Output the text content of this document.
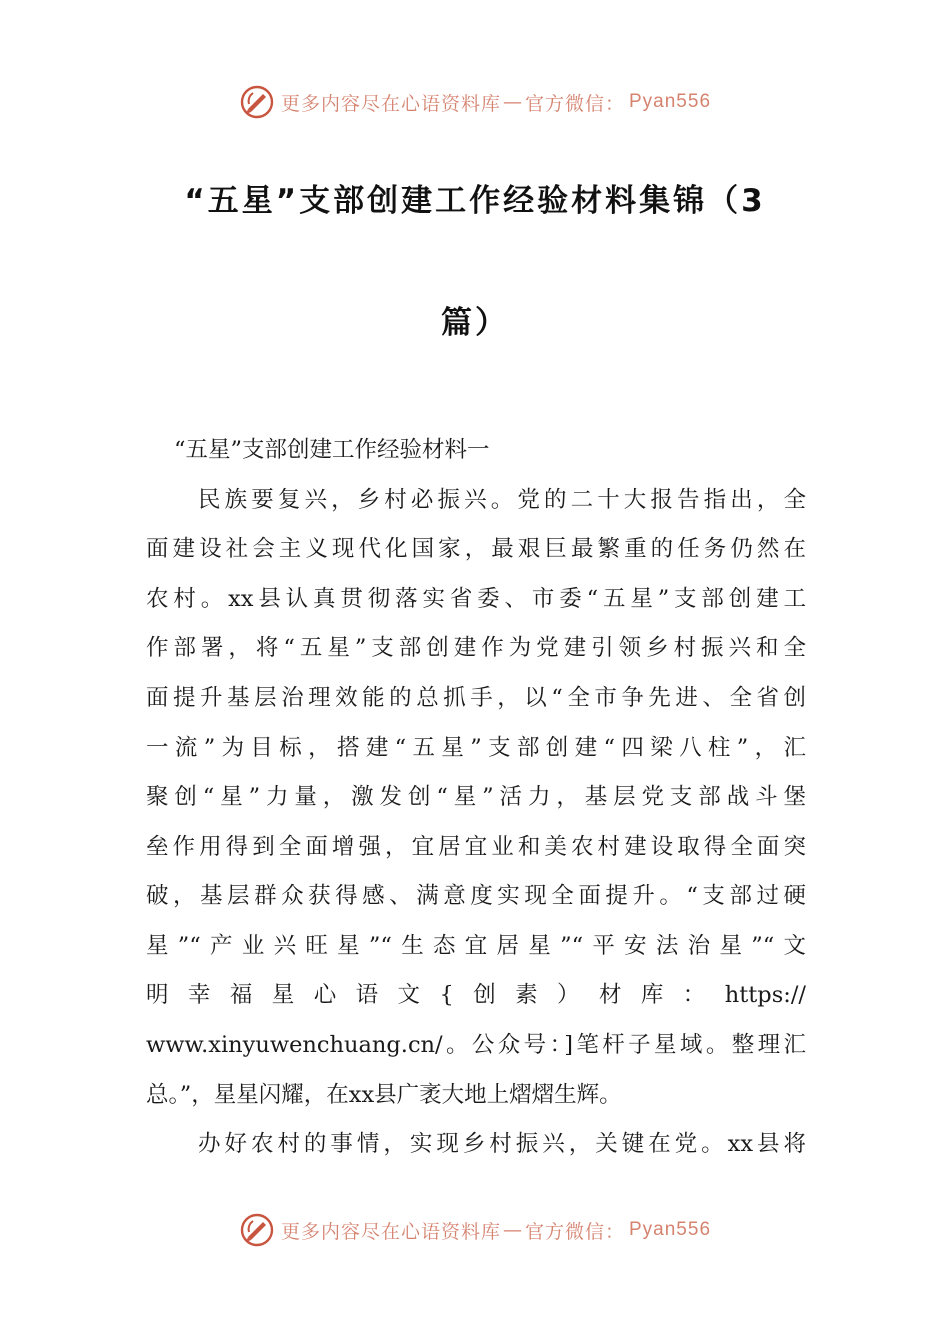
更多内容尽在心语资料库 — 官方微信： Pyan556
“五星”支部创建工作经验材料集锦（3
篇）
“五星”支部创建工作经验材料一
民族要复兴，乡村必振兴。党的二十大报告指出，全
面建设社会主义现代化国家，最艰巨最繁重的任务仍然在
农村。xx县认真贯彻落实省委、市委“五星”支部创建工
作部署，将“五星”支部创建作为党建引领乡村振兴和全
面提升基层治理效能的总抓手，以“全市争先进、全省创
一流”为目标，搭建“五星”支部创建“四梁八柱”，汇
聚创“星”力量，激发创“星”活力，基层党支部战斗堡
垒作用得到全面增强，宜居宜业和美农村建设取得全面突
破，基层群众获得感、满意度实现全面提升。“支部过硬
星”“产业兴旺星”“生态宜居星”“平安法治星”“文
明幸福星心语文{创素）材库：https://
www.xinyuwenchuang.cn/。公众号：]笔杆子星域。整理汇
总。”，星星闪耀，在xx县广袤大地上熠熠生辉。
办好农村的事情，实现乡村振兴，关键在党。xx县将
更多内容尽在心语资料库 — 官方微信： Pyan556
